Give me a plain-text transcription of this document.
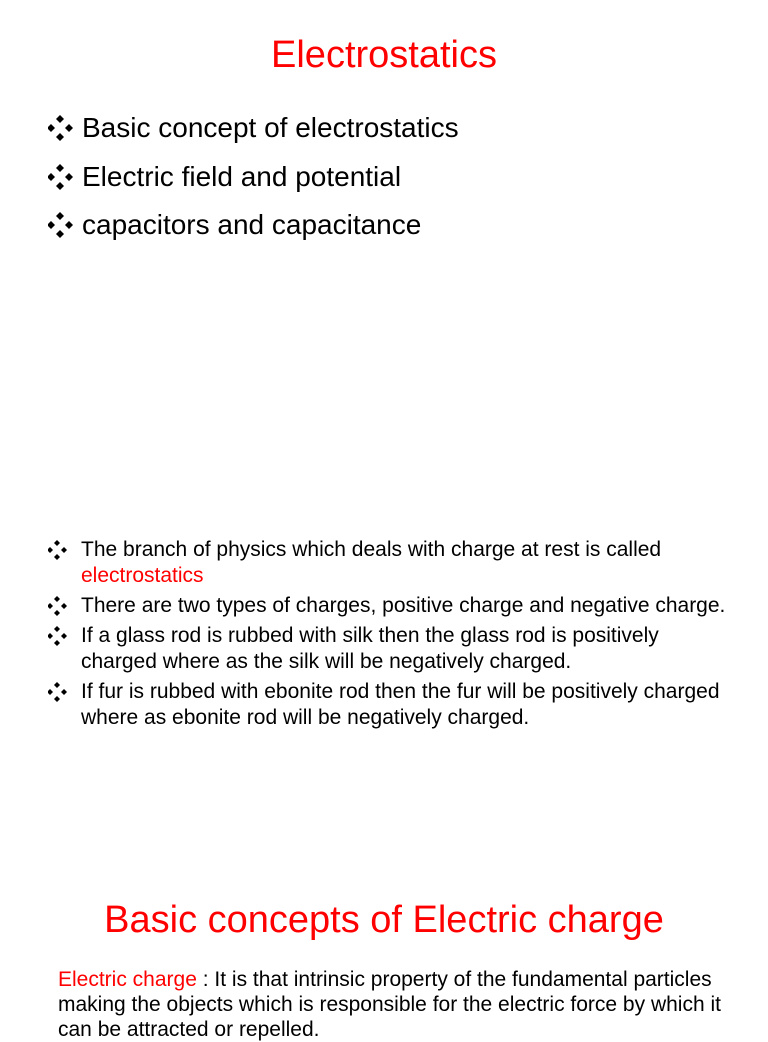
Electrostatics
Basic concept of electrostatics
Electric field and potential
capacitors and capacitance
The branch of physics which deals with charge at rest is called electrostatics
There are two types of charges, positive charge and negative charge.
If a glass rod is rubbed with silk then the glass rod is positively charged where as the silk will be negatively charged.
If fur is rubbed with ebonite rod then the fur will be positively charged where as ebonite rod will be negatively charged.
Basic concepts of Electric charge

Electric charge : It is that intrinsic property of the fundamental particles making the objects which is responsible for the electric force by which it can be attracted or repelled.
